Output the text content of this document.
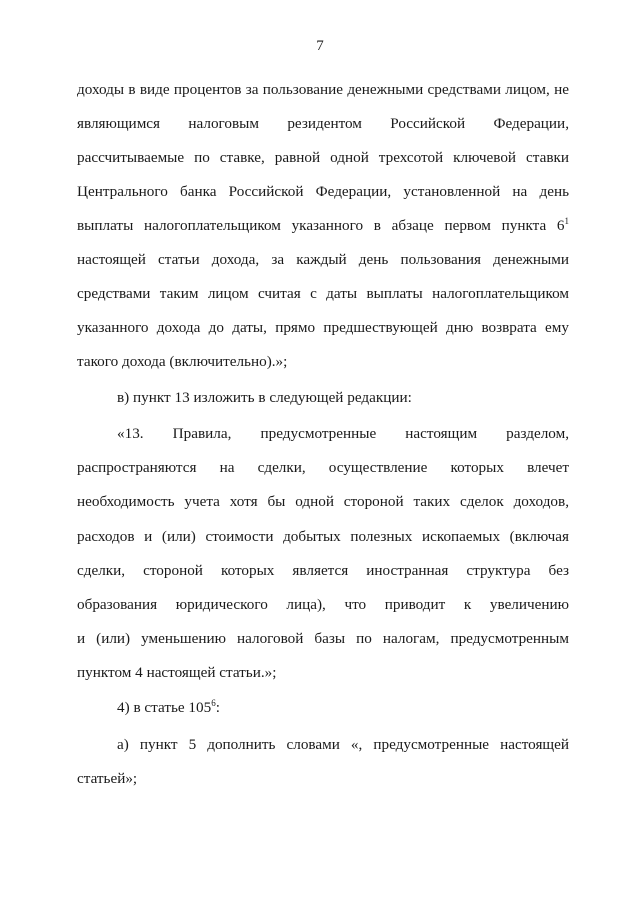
7
доходы в виде процентов за пользование денежными средствами лицом, не
являющимся налоговым резидентом Российской Федерации,
рассчитываемые по ставке, равной одной трехсотой ключевой ставки
Центрального банка Российской Федерации, установленной на день
выплаты налогоплательщиком указанного в абзаце первом пункта $6^1$
настоящей статьи дохода, за каждый день пользования денежными
средствами таким лицом считая с даты выплаты налогоплательщиком
указанного дохода до даты, прямо предшествующей дню возврата ему
такого дохода (включительно).»;
в) пункт 13 изложить в следующей редакции:
«13. Правила, предусмотренные настоящим разделом,
распространяются на сделки, осуществление которых влечет
необходимость учета хотя бы одной стороной таких сделок доходов,
расходов и (или) стоимости добытых полезных ископаемых (включая
сделки, стороной которых является иностранная структура без
образования юридического лица), что приводит к увеличению
и (или) уменьшению налоговой базы по налогам, предусмотренным
пунктом 4 настоящей статьи.»;
4) в статье $105^6$:
а) пункт 5 дополнить словами «, предусмотренные настоящей
статьей»;
